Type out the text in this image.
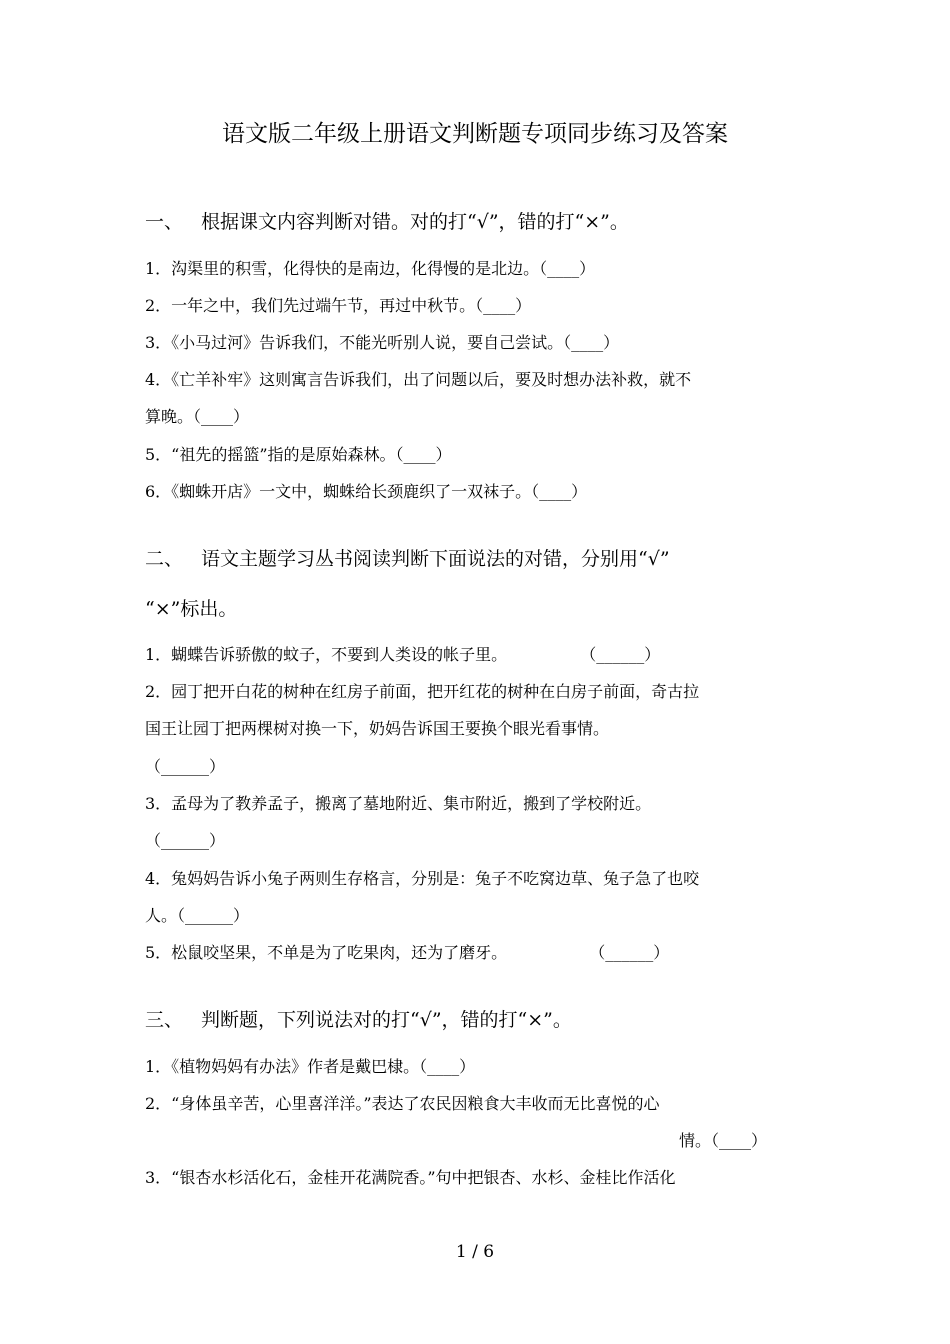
语文版二年级上册语文判断题专项同步练习及答案
一、 根据课文内容判断对错。对的打“√”，错的打“×”。
1．沟渠里的积雪，化得快的是南边，化得慢的是北边。（____）
2．一年之中，我们先过端午节，再过中秋节。（____）
3．《小马过河》告诉我们，不能光听别人说，要自己尝试。（____）
4．《亡羊补牢》这则寓言告诉我们，出了问题以后，要及时想办法补救，就不
算晚。（____）
5．“祖先的摇篮”指的是原始森林。（____）
6．《蜘蛛开店》一文中，蜘蛛给长颈鹿织了一双袜子。（____）
二、 语文主题学习丛书阅读判断下面说法的对错，分别用“√”
“×”标出。
1．蝴蝶告诉骄傲的蚊子，不要到人类设的帐子里。	（______）
2．园丁把开白花的树种在红房子前面，把开红花的树种在白房子前面，奇古拉
国王让园丁把两棵树对换一下，奶妈告诉国王要换个眼光看事情。
（______）
3．孟母为了教养孟子，搬离了墓地附近、集市附近，搬到了学校附近。
（______）
4．兔妈妈告诉小兔子两则生存格言，分别是：兔子不吃窝边草、兔子急了也咬
人。（______）
5．松鼠咬坚果，不单是为了吃果肉，还为了磨牙。	（______）
三、 判断题，下列说法对的打“√”，错的打“×”。
1．《植物妈妈有办法》作者是戴巴棣。（____）
2．“身体虽辛苦，心里喜洋洋。”表达了农民因粮食大丰收而无比喜悦的心
情。（____）
3．“银杏水杉活化石，金桂开花满院香。”句中把银杏、水杉、金桂比作活化
1 / 6
